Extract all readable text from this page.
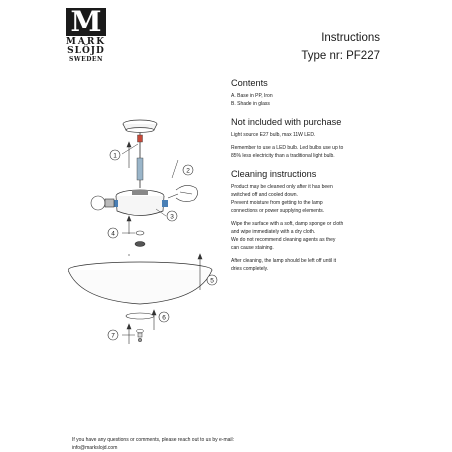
M
MARK
SLÖJD
SWEDEN

Instructions

Type nr: PF227

1
2
3
4
5
6
7

Contents

A. Base in PP, Iron

B. Shade in glass

Not included with purchase

Light source E27 bulb, max 11W LED.

Remember to use a LED bulb. Led bulbs use up to

85% less electricity than a traditional light bulb.

Cleaning instructions

Product may be cleaned only after it has been

switched off and cooled down.

Prevent moisture from getting to the lamp

connections or power supplying elements.

Wipe the surface with a soft, damp sponge or cloth

and wipe immediately with a dry cloth.

We do not recommend cleaning agents as they

can cause staining.

After cleaning, the lamp should be left off until it

dries completely.

If you have any questions or comments, please reach out to us by e-mail:

info@markslojd.com
